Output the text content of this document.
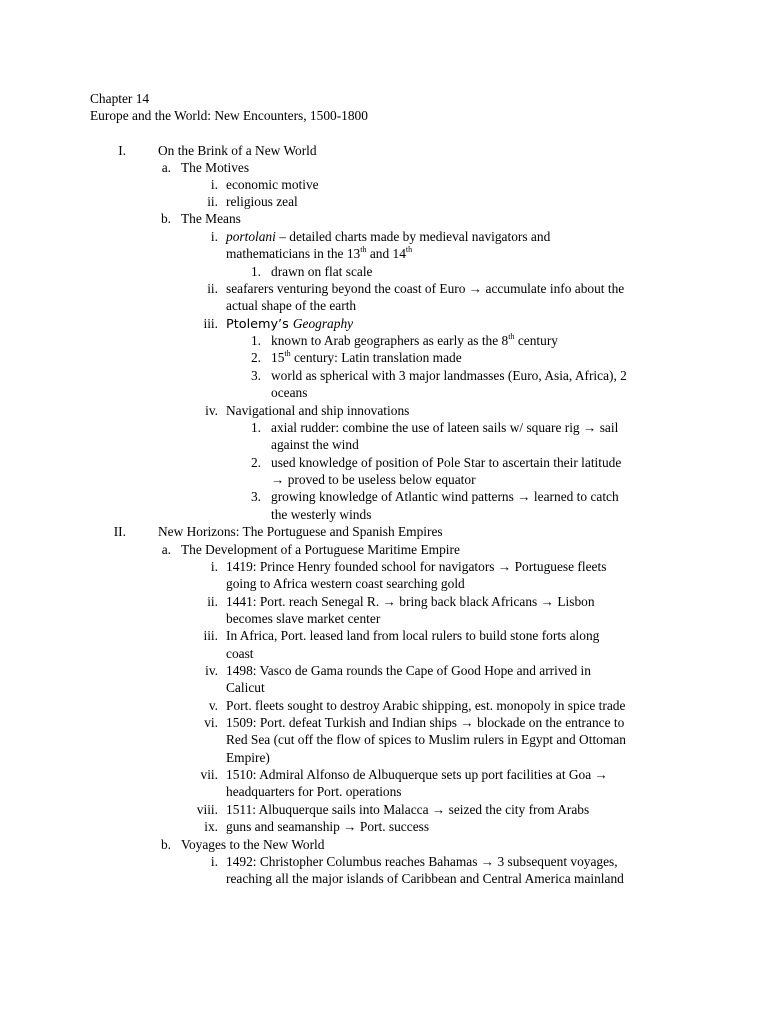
Chapter 14
Europe and the World: New Encounters, 1500-1800
I. On the Brink of a New World
a. The Motives
i. economic motive
ii. religious zeal
b. The Means
i. portolani – detailed charts made by medieval navigators and
mathematicians in the 13th and 14th
1. drawn on flat scale
ii. seafarers venturing beyond the coast of Euro → accumulate info about the
actual shape of the earth
iii. Ptolemy’s Geography
1. known to Arab geographers as early as the 8th century
2. 15th century: Latin translation made
3. world as spherical with 3 major landmasses (Euro, Asia, Africa), 2
oceans
iv. Navigational and ship innovations
1. axial rudder: combine the use of lateen sails w/ square rig → sail
against the wind
2. used knowledge of position of Pole Star to ascertain their latitude
→ proved to be useless below equator
3. growing knowledge of Atlantic wind patterns → learned to catch
the westerly winds
II. New Horizons: The Portuguese and Spanish Empires
a. The Development of a Portuguese Maritime Empire
i. 1419: Prince Henry founded school for navigators → Portuguese fleets
going to Africa western coast searching gold
ii. 1441: Port. reach Senegal R. → bring back black Africans → Lisbon
becomes slave market center
iii. In Africa, Port. leased land from local rulers to build stone forts along
coast
iv. 1498: Vasco de Gama rounds the Cape of Good Hope and arrived in
Calicut
v. Port. fleets sought to destroy Arabic shipping, est. monopoly in spice trade
vi. 1509: Port. defeat Turkish and Indian ships → blockade on the entrance to
Red Sea (cut off the flow of spices to Muslim rulers in Egypt and Ottoman
Empire)
vii. 1510: Admiral Alfonso de Albuquerque sets up port facilities at Goa →
headquarters for Port. operations
viii. 1511: Albuquerque sails into Malacca → seized the city from Arabs
ix. guns and seamanship → Port. success
b. Voyages to the New World
i. 1492: Christopher Columbus reaches Bahamas → 3 subsequent voyages,
reaching all the major islands of Caribbean and Central America mainland
